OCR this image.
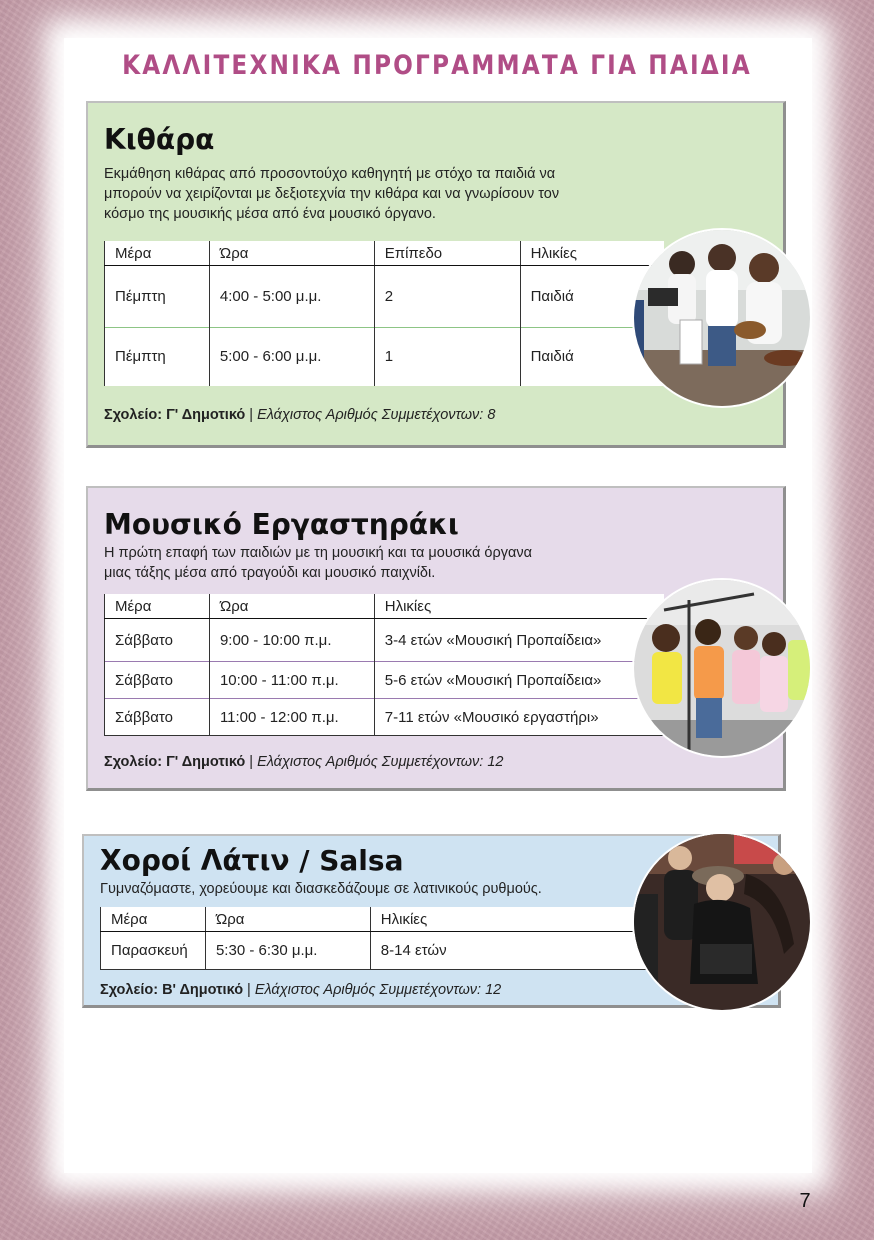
ΚΑΛΛΙΤΕΧΝΙΚΑ ΠΡΟΓΡΑΜΜΑΤΑ ΓΙΑ ΠΑΙΔΙΑ
Κιθάρα
Εκμάθηση κιθάρας από προσοντούχο καθηγητή με στόχο τα παιδιά να
μπορούν να χειρίζονται με δεξιοτεχνία την κιθάρα και να γνωρίσουν τον
κόσμο της μουσικής μέσα από ένα μουσικό όργανο.
Μέρα	Ώρα	Επίπεδο	Ηλικίες
Πέμπτη	4:00 - 5:00 μ.μ.	2	Παιδιά
Πέμπτη	5:00 - 6:00 μ.μ.	1	Παιδιά
Σχολείο: Γ' Δημοτικό | Ελάχιστος Αριθμός Συμμετέχοντων: 8
Μουσικό Εργαστηράκι
Η πρώτη επαφή των παιδιών με τη μουσική και τα μουσικά όργανα
μιας τάξης μέσα από τραγούδι και μουσικό παιχνίδι.
Μέρα	Ώρα	Ηλικίες
Σάββατο	9:00 - 10:00 π.μ.	3-4 ετών «Μουσική Προπαίδεια»
Σάββατο	10:00 - 11:00 π.μ.	5-6 ετών «Μουσική Προπαίδεια»
Σάββατο	11:00 - 12:00 π.μ.	7-11 ετών «Μουσικό εργαστήρι»
Σχολείο: Γ' Δημοτικό | Ελάχιστος Αριθμός Συμμετέχοντων: 12
Χοροί Λάτιν / Salsa
Γυμναζόμαστε, χορεύουμε και διασκεδάζουμε σε λατινικούς ρυθμούς.
Μέρα	Ώρα	Ηλικίες
Παρασκευή	5:30 - 6:30 μ.μ.	8-14 ετών
Σχολείο: Β' Δημοτικό | Ελάχιστος Αριθμός Συμμετέχοντων: 12
7
